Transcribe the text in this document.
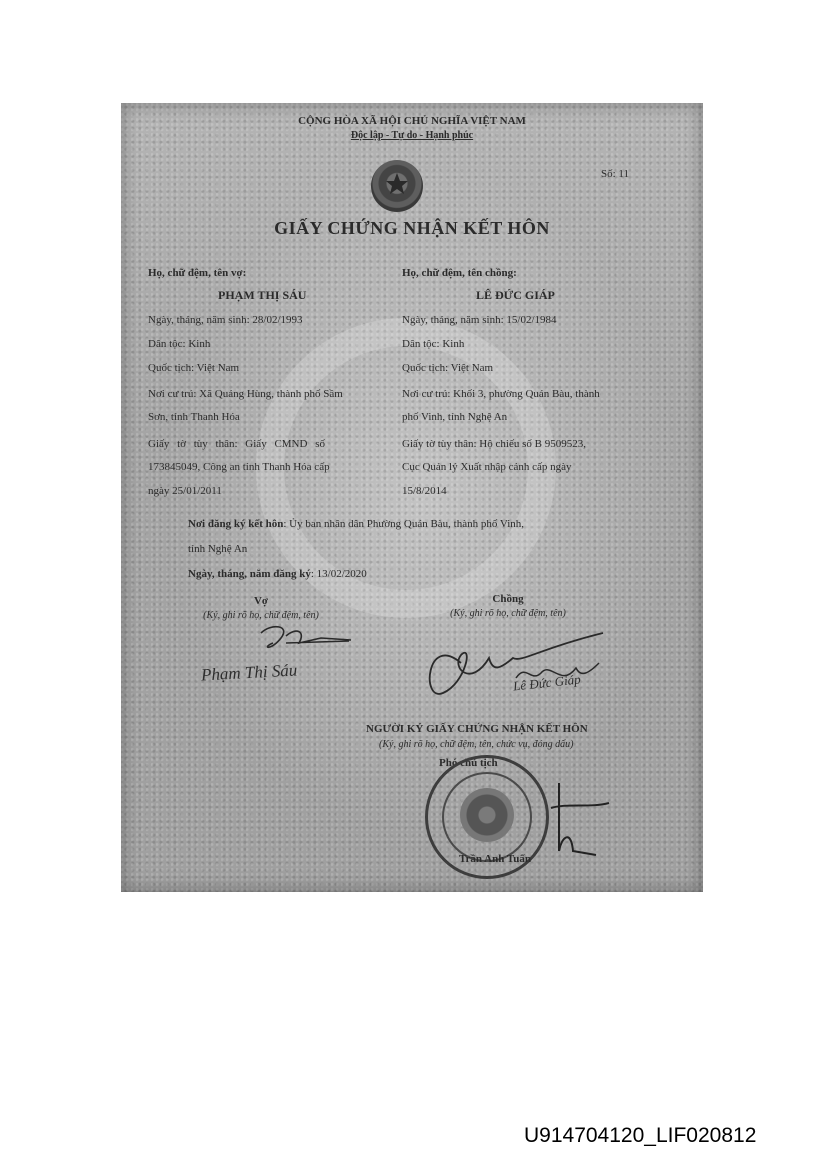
CỘNG HÒA XÃ HỘI CHỦ NGHĨA VIỆT NAM
Độc lập - Tự do - Hạnh phúc
Số: 11
GIẤY CHỨNG NHẬN KẾT HÔN
Họ, chữ đệm, tên vợ:
PHẠM THỊ SÁU
Ngày, tháng, năm sinh: 28/02/1993
Dân tộc: Kinh
Quốc tịch: Việt Nam
Nơi cư trú: Xã Quảng Hùng, thành phố Sầm
Sơn, tỉnh Thanh Hóa
Giấy tờ tùy thân: Giấy CMND số
173845049, Công an tỉnh Thanh Hóa cấp
ngày 25/01/2011
Họ, chữ đệm, tên chồng:
LÊ ĐỨC GIÁP
Ngày, tháng, năm sinh: 15/02/1984
Dân tộc: Kinh
Quốc tịch: Việt Nam
Nơi cư trú: Khối 3, phường Quán Bàu, thành
phố Vinh, tỉnh Nghệ An
Giấy tờ tùy thân: Hộ chiếu số B 9509523,
Cục Quản lý Xuất nhập cảnh cấp ngày
15/8/2014
Nơi đăng ký kết hôn: Ủy ban nhân dân Phường Quán Bàu, thành phố Vinh,
tỉnh Nghệ An
Ngày, tháng, năm đăng ký: 13/02/2020
Vợ
(Ký, ghi rõ họ, chữ đệm, tên)
Chồng
(Ký, ghi rõ họ, chữ đệm, tên)
Phạm Thị Sáu	Lê Đức Giáp
NGƯỜI KÝ GIẤY CHỨNG NHẬN KẾT HÔN
(Ký, ghi rõ họ, chữ đệm, tên, chức vụ, đóng dấu)
Phó chủ tịch
Trần Anh Tuấn
U914704120_LIF020812
